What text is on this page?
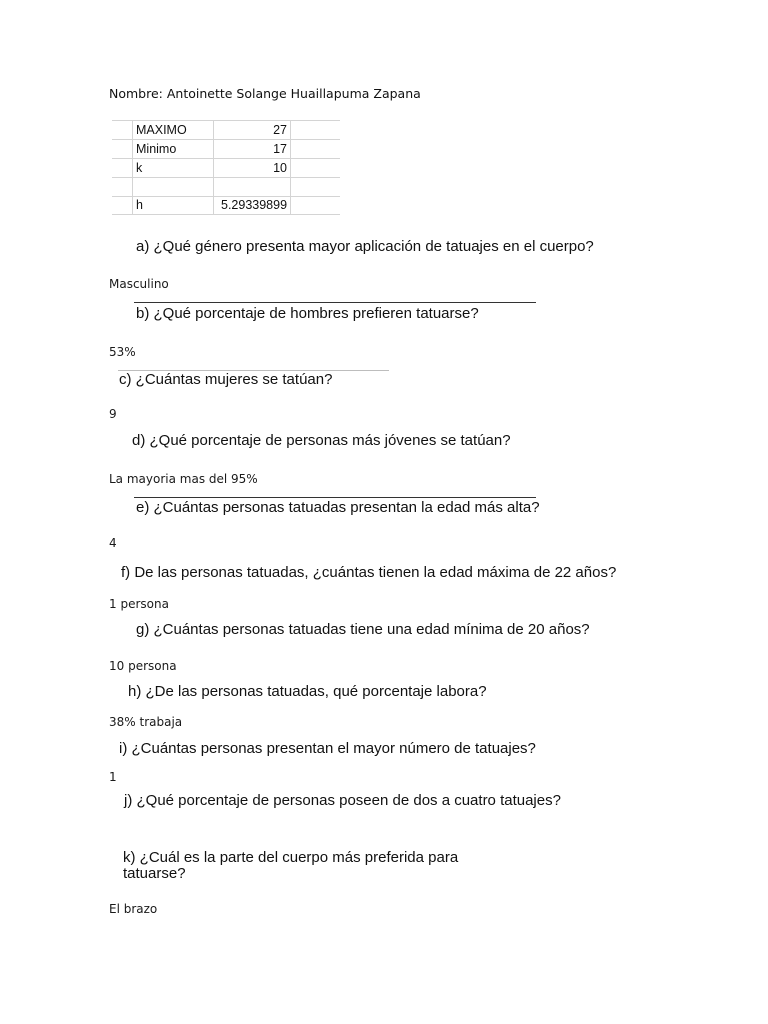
Nombre: Antoinette Solange Huaillapuma Zapana
MAXIMO	27
Minimo	17
k	10
h	5.29339899
a) ¿Qué género presenta mayor aplicación de tatuajes en el cuerpo?
Masculino
b) ¿Qué porcentaje de hombres prefieren tatuarse?
53%
c) ¿Cuántas mujeres se tatúan?
9
d) ¿Qué porcentaje de personas más jóvenes se tatúan?
La mayoria mas del 95%
e) ¿Cuántas personas tatuadas presentan la edad más alta?
4
f) De las personas tatuadas, ¿cuántas tienen la edad máxima de 22 años?
1 persona
g) ¿Cuántas personas tatuadas tiene una edad mínima de 20 años?
10 persona
h) ¿De las personas tatuadas, qué porcentaje labora?
38% trabaja
i) ¿Cuántas personas presentan el mayor número de tatuajes?
1
j) ¿Qué porcentaje de personas poseen de dos a cuatro tatuajes?
k) ¿Cuál es la parte del cuerpo más preferida para
tatuarse?
El brazo
